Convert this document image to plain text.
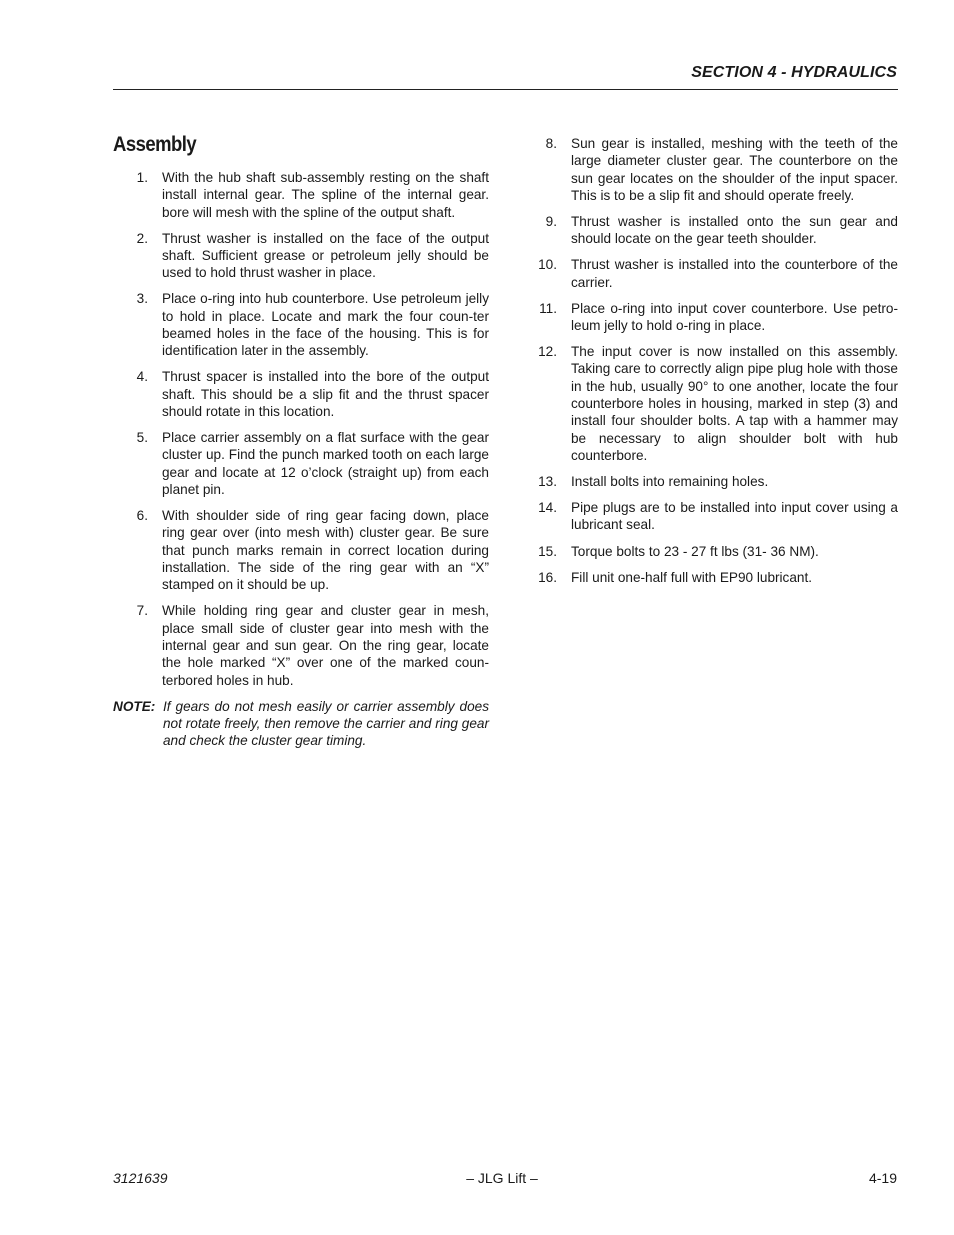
SECTION 4 - HYDRAULICS
Assembly
1.	With the hub shaft sub-assembly resting on the shaft install internal gear. The spline of the internal gear. bore will mesh with the spline of the output shaft.
2.	Thrust washer is installed on the face of the output shaft. Sufficient grease or petroleum jelly should be used to hold thrust washer in place.
3.	Place o-ring into hub counterbore. Use petroleum jelly to hold in place. Locate and mark the four coun-ter beamed holes in the face of the housing. This is for identification later in the assembly.
4.	Thrust spacer is installed into the bore of the output shaft. This should be a slip fit and the thrust spacer should rotate in this location.
5.	Place carrier assembly on a flat surface with the gear cluster up. Find the punch marked tooth on each large gear and locate at 12 o’clock (straight up) from each planet pin.
6.	With shoulder side of ring gear facing down, place ring gear over (into mesh with) cluster gear. Be sure that punch marks remain in correct location during installation. The side of the ring gear with an “X” stamped on it should be up.
7.	While holding ring gear and cluster gear in mesh, place small side of cluster gear into mesh with the internal gear and sun gear. On the ring gear, locate the hole marked “X” over one of the marked coun-terbored holes in hub.
NOTE: If gears do not mesh easily or carrier assembly does not rotate freely, then remove the carrier and ring gear and check the cluster gear timing.
8.	Sun gear is installed, meshing with the teeth of the large diameter cluster gear. The counterbore on the sun gear locates on the shoulder of the input spacer. This is to be a slip fit and should operate freely.
9.	Thrust washer is installed onto the sun gear and should locate on the gear teeth shoulder.
10.	Thrust washer is installed into the counterbore of the carrier.
11.	Place o-ring into input cover counterbore. Use petro-leum jelly to hold o-ring in place.
12.	The input cover is now installed on this assembly. Taking care to correctly align pipe plug hole with those in the hub, usually 90° to one another, locate the four counterbore holes in housing, marked in step (3) and install four shoulder bolts. A tap with a hammer may be necessary to align shoulder bolt with hub counterbore.
13.	Install bolts into remaining holes.
14.	Pipe plugs are to be installed into input cover using a lubricant seal.
15.	Torque bolts to 23 - 27 ft lbs (31- 36 NM).
16.	Fill unit one-half full with EP90 lubricant.
3121639	– JLG Lift –	4-19
